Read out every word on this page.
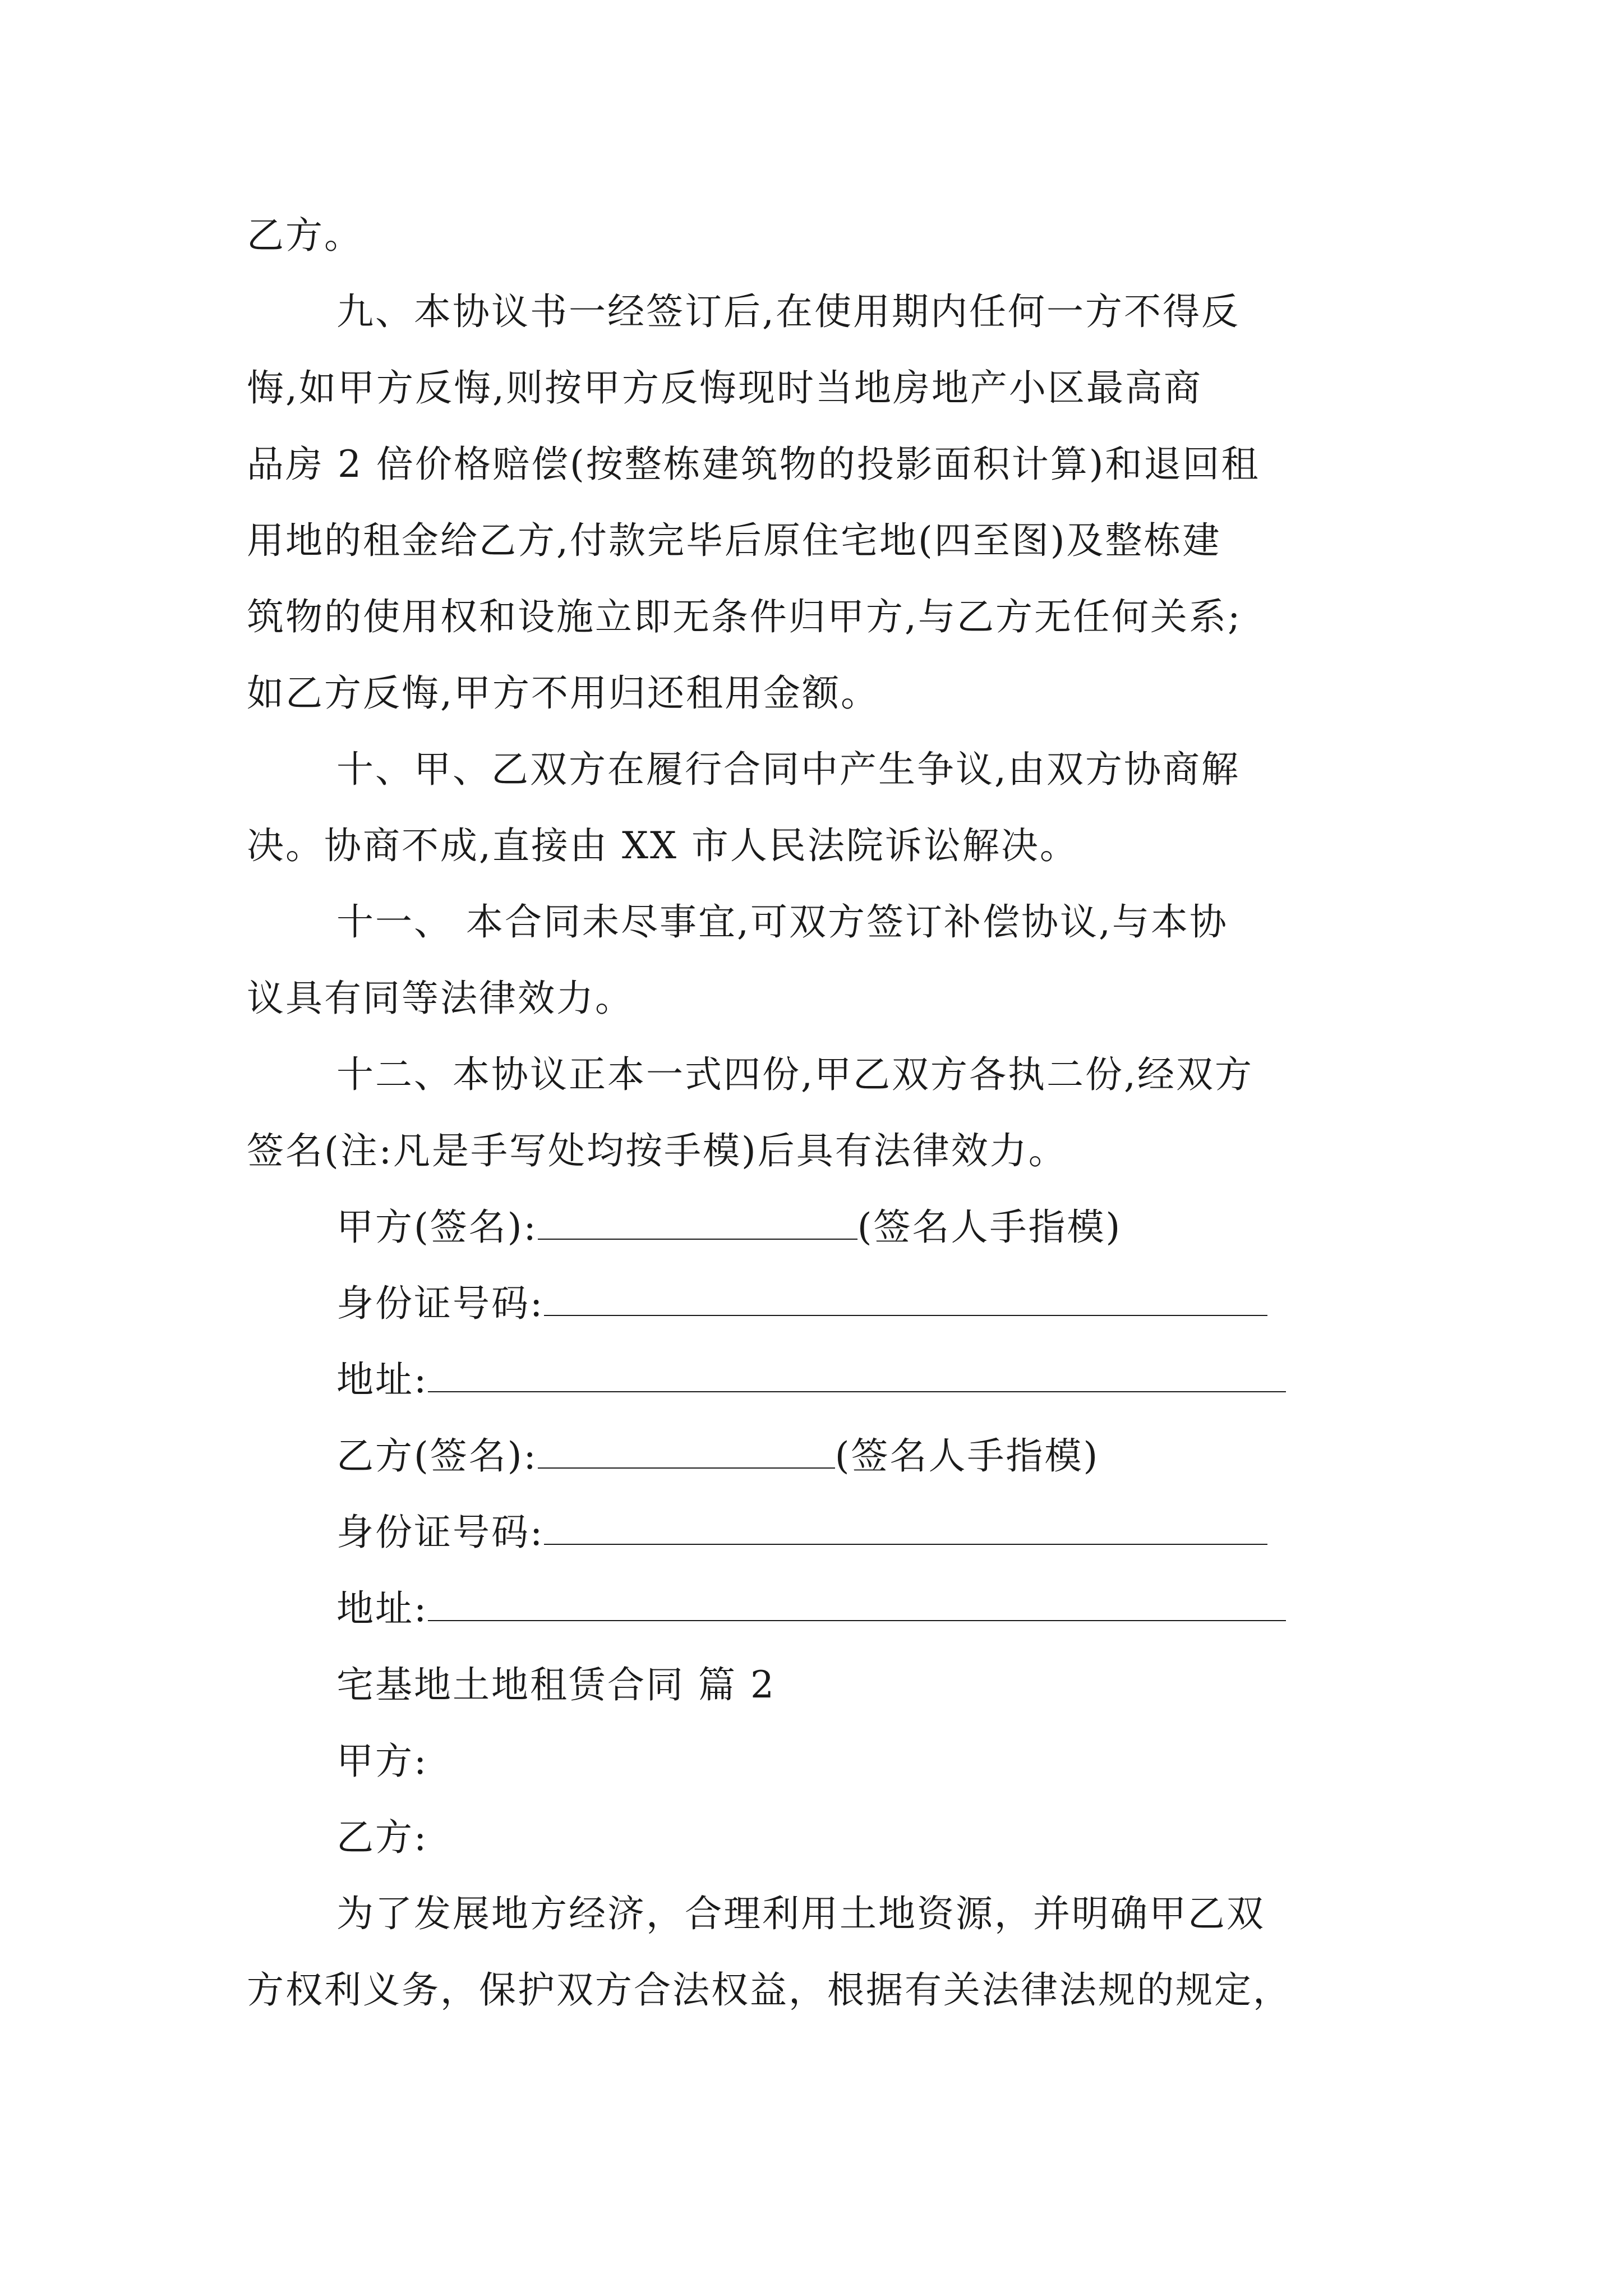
乙方。
九、本协议书一经签订后,在使用期内任何一方不得反
悔,如甲方反悔,则按甲方反悔现时当地房地产小区最高商
品房 2 倍价格赔偿(按整栋建筑物的投影面积计算)和退回租
用地的租金给乙方,付款完毕后原住宅地(四至图)及整栋建
筑物的使用权和设施立即无条件归甲方,与乙方无任何关系;
如乙方反悔,甲方不用归还租用金额。
十、甲、乙双方在履行合同中产生争议,由双方协商解
决。协商不成,直接由 XX 市人民法院诉讼解决。
十一、 本合同未尽事宜,可双方签订补偿协议,与本协
议具有同等法律效力。
十二、本协议正本一式四份,甲乙双方各执二份,经双方
签名(注:凡是手写处均按手模)后具有法律效力。
甲方(签名):	(签名人手指模)
身份证号码:
地址:
乙方(签名):	(签名人手指模)
身份证号码:
地址:
宅基地土地租赁合同 篇 2
甲方:
乙方:
为了发展地方经济，合理利用土地资源，并明确甲乙双
方权利义务，保护双方合法权益，根据有关法律法规的规定，
